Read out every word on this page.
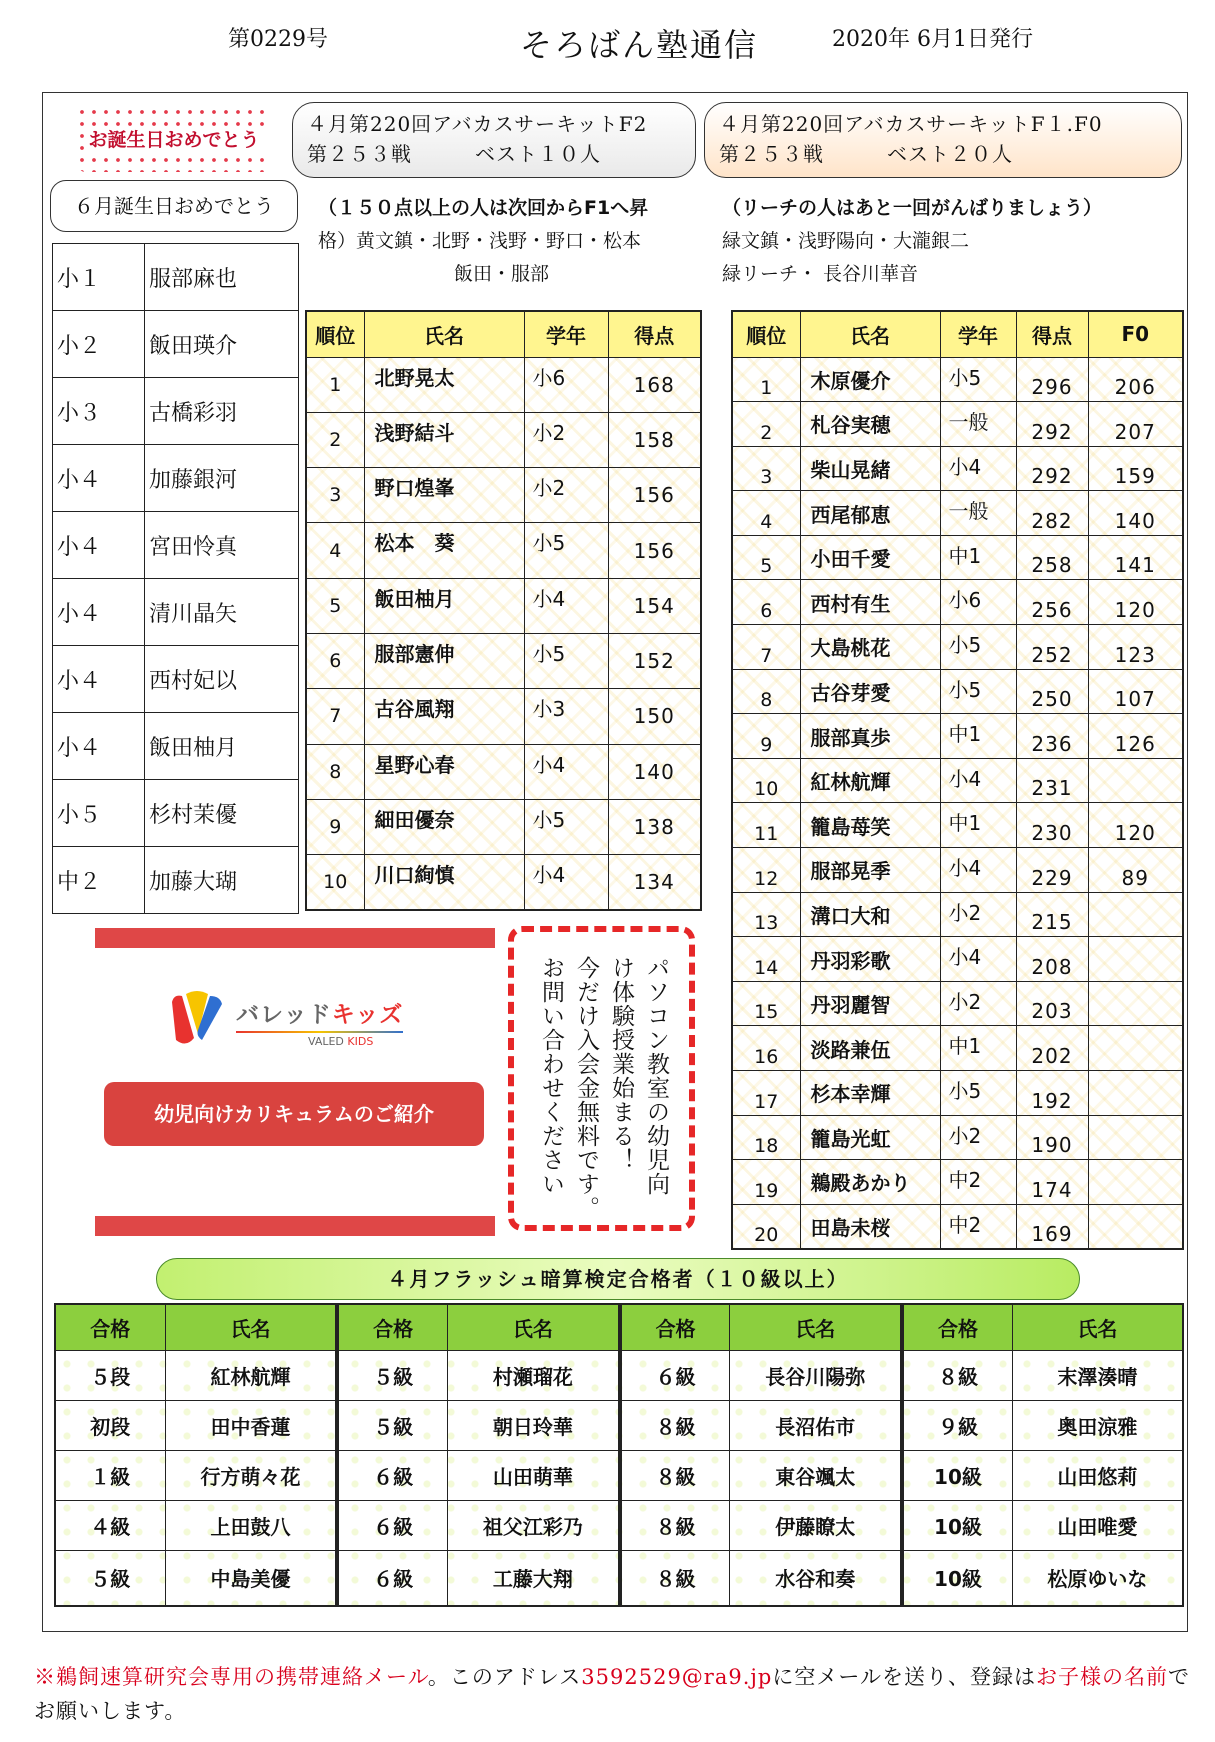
第0229号	そろばん塾通信	2020年 6月1日発行
お誕生日おめでとう
４月第220回アバカスサーキットF2
第２５３戦　　　ベスト１０人
４月第220回アバカスサーキットF１.F0
第２５３戦　　　ベスト２０人
６月誕生日おめでとう
小１	服部麻也
小２	飯田瑛介
小３	古橋彩羽
小４	加藤銀河
小４	宮田怜真
小４	清川晶矢
小４	西村妃以
小４	飯田柚月
小５	杉村茉優
中２	加藤大瑚
（１５０点以上の人は次回からF1へ昇
格）黄文鎮・北野・浅野・野口・松本
飯田・服部
（リーチの人はあと一回がんばりましょう）
緑文鎮・浅野陽向・大瀧銀二
緑リーチ・ 長谷川華音
順位	氏名	学年	得点
1	北野晃太	小6	168
2	浅野結斗	小2	158
3	野口煌峯	小2	156
4	松本　葵	小5	156
5	飯田柚月	小4	154
6	服部憲伸	小5	152
7	古谷風翔	小3	150
8	星野心春	小4	140
9	細田優奈	小5	138
10	川口絢慎	小4	134
順位	氏名	学年	得点	F0
1	木原優介	小5	296	206
2	札谷実穂	一般	292	207
3	柴山晃緒	小4	292	159
4	西尾郁恵	一般	282	140
5	小田千愛	中1	258	141
6	西村有生	小6	256	120
7	大島桃花	小5	252	123
8	古谷芽愛	小5	250	107
9	服部真歩	中1	236	126
10	紅林航輝	小4	231	
11	籠島苺笑	中1	230	120
12	服部晃季	小4	229	89
13	溝口大和	小2	215	
14	丹羽彩歌	小4	208	
15	丹羽麗智	小2	203	
16	淡路兼伍	中1	202	
17	杉本幸輝	小5	192	
18	籠島光虹	小2	190	
19	鵜殿あかり	中2	174	
20	田島未桜	中2	169	
バレッドキッズ
VALED KIDS
幼児向けカリキュラムのご紹介	パソコン教室の幼児向
け体験授業始まる！
今だけ入会金無料です。
お問い合わせください
４月フラッシュ暗算検定合格者（１０級以上）
合格	氏名	合格	氏名	合格	氏名	合格	氏名
５段	紅林航輝	５級	村瀬瑠花	６級	長谷川陽弥	８級	末澤湊晴
初段	田中香蓮	５級	朝日玲華	８級	長沼佑市	９級	奥田涼雅
１級	行方萌々花	６級	山田萌華	８級	東谷颯太	10級	山田悠莉
４級	上田鼓八	６級	祖父江彩乃	８級	伊藤瞭太	10級	山田唯愛
５級	中島美優	６級	工藤大翔	８級	水谷和奏	10級	松原ゆいな
※鵜飼速算研究会専用の携帯連絡メール。このアドレス3592529@ra9.jpに空メールを送り、登録はお子様の名前でお願いします。
